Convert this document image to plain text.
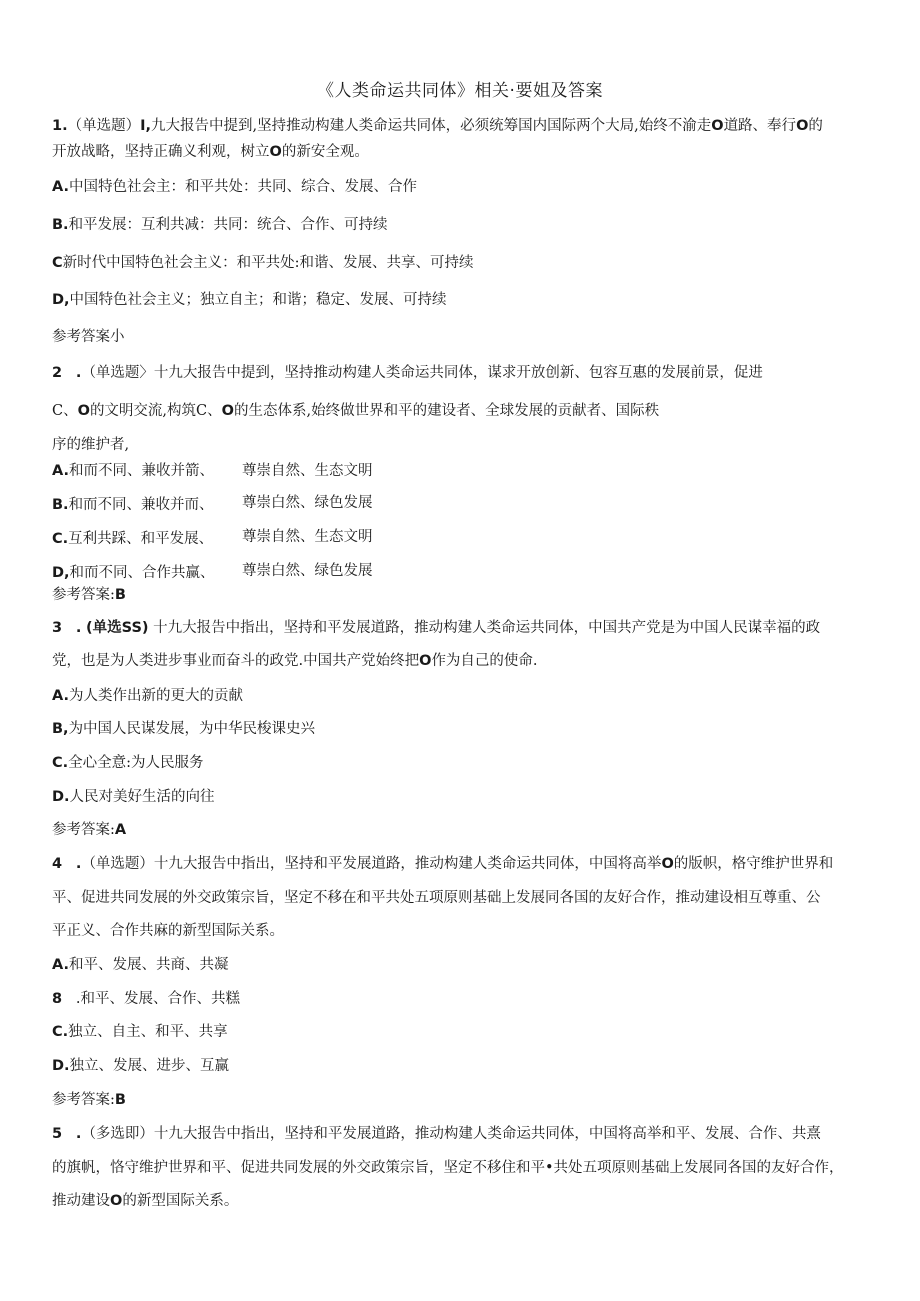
《人类命运共同体》相关·要姐及答案
1.（单选题）I,九大报告中提到,坚持推动构建人类命运共同体，必须统筹国内国际两个大局,始终不渝走O道路、奉行O的
开放战略，坚持正确义利观，树立O的新安全观。
A.中国特色社会主：和平共处：共同、综合、发展、合作
B.和平发展：互利共减：共同：统合、合作、可持续
C新时代中国特色社会主义：和平共处:和谐、发展、共享、可持续
D,中国特色社会主义；独立自主；和谐；稳定、发展、可持续
参考答案小
2 .（单选题〉十九大报告中提到，坚持推动构建人类命运共同体，谋求开放创新、包容互惠的发展前景，促进
C、O的文明交流,构筑C、O的生态体系,始终做世界和平的建设者、全球发展的贡献者、国际秩
序的维护者,
A.和而不同、兼收并箭、 尊崇自然、生态文明
B.和而不同、兼收并而、 尊崇白然、绿色发展
C.互利共踩、和平发展、 尊崇自然、生态文明
D,和而不同、合作共赢、 尊崇白然、绿色发展
参考答案:B
3 . (单选SS) 十九大报告中指出，坚持和平发展道路，推动构建人类命运共同体，中国共产党是为中国人民谋幸福的政
党，也是为人类进步事业而奋斗的政党.中国共产党始终把O作为自己的使命.
A.为人类作出新的更大的贡献
B,为中国人民谋发展，为中华民梭课史兴
C.全心全意:为人民服务
D.人民对美好生活的向往
参考答案:A
4 .（单选题）十九大报告中指出，坚持和平发展道路，推动构建人类命运共同体，中国将高举O的版帜，格守维护世界和
平、促进共同发展的外交政策宗旨，坚定不移在和平共处五项原则基础上发展同各国的友好合作，推动建设相互尊重、公
平正义、合作共麻的新型国际关系。
A.和平、发展、共商、共凝
8 .和平、发展、合作、共糕
C.独立、自主、和平、共享
D.独立、发展、进步、互赢
参考答案:B
5 .（多选即）十九大报告中指出，坚持和平发展道路，推动构建人类命运共同体，中国将高举和平、发展、合作、共熹
的旗帆，恪守维护世界和平、促进共同发展的外交政策宗旨，坚定不移住和平•共处五项原则基础上发展同各国的友好合作，
推动建设O的新型国际关系。
